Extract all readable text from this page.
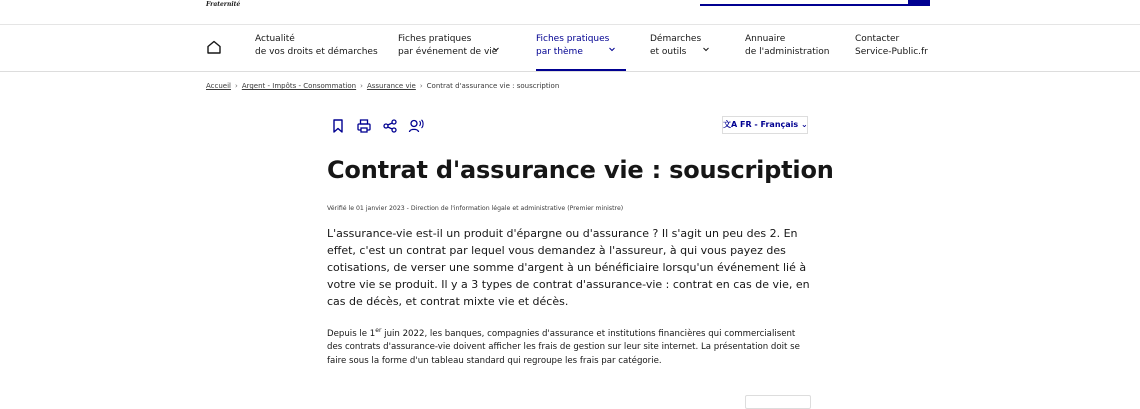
Fraternité
Actualité
de vos droits et démarches
Fiches pratiques
par événement de vie
Fiches pratiques
par thème
Démarches
et outils
Annuaire
de l'administration
Contacter
Service-Public.fr
Accueil › Argent - Impôts - Consommation › Assurance vie › Contrat d'assurance vie : souscription
文A FR - Français ⌄
Contrat d'assurance vie : souscription
Vérifié le 01 janvier 2023 - Direction de l'information légale et administrative (Premier ministre)

L'assurance-vie est-il un produit d'épargne ou d'assurance ? Il s'agit un peu des 2. En effet, c'est un contrat par lequel vous demandez à l'assureur, à qui vous payez des cotisations, de verser une somme d'argent à un bénéficiaire lorsqu'un événement lié à votre vie se produit. Il y a 3 types de contrat d'assurance-vie : contrat en cas de vie, en cas de décès, et contrat mixte vie et décès.

Depuis le 1er juin 2022, les banques, compagnies d'assurance et institutions financières qui commercialisent des contrats d'assurance-vie doivent afficher les frais de gestion sur leur site internet. La présentation doit se faire sous la forme d'un tableau standard qui regroupe les frais par catégorie.
